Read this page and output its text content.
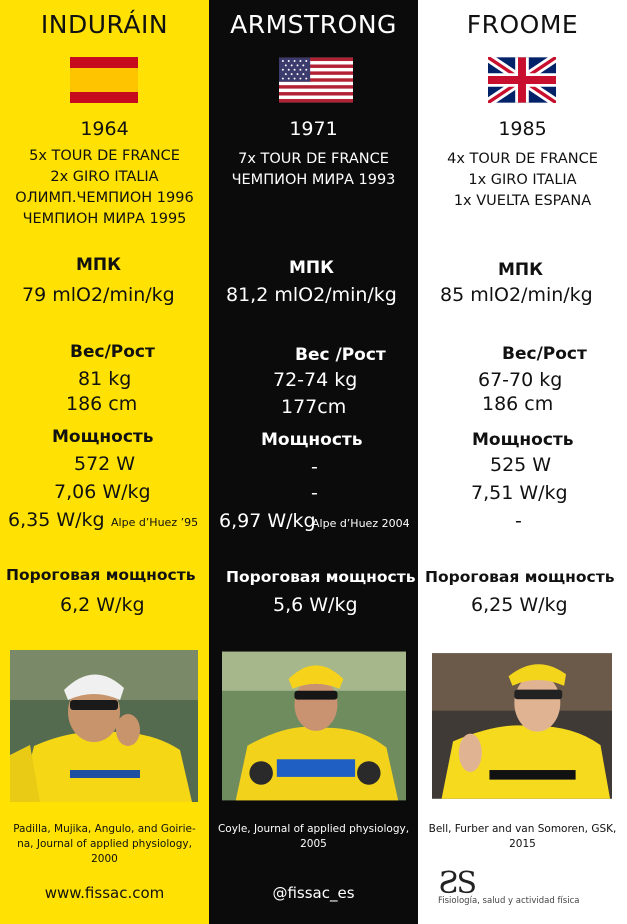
INDURÁIN
1964
5x TOUR DE FRANCE
2x GIRO ITALIA
ОЛИМП.ЧЕМПИОН 1996
ЧЕМПИОН МИРА 1995
МПК
79 mlO2/min/kg
Вес/Рост
81 kg
186 cm
Мощность
572 W
7,06 W/kg
6,35 W/kg Alpe d’Huez ’95
Пороговая мощность
6,2 W/kg
Padilla, Mujika, Angulo, and Goirie-na, Journal of applied physiology, 2000
www.fissac.com
ARMSTRONG
1971
7x TOUR DE FRANCE
ЧЕМПИОН МИРА 1993
МПК
81,2 mlO2/min/kg
Вес /Рост
72-74 kg
177cm
Мощность
-
-
6,97 W/kg
Alpe d’Huez 2004
Пороговая мощность
5,6 W/kg
Coyle, Journal of applied physiology, 2005
@fissac_es
FROOME
1985
4x TOUR DE FRANCE
1x GIRO ITALIA
1x VUELTA ESPANA
МПК
85 mlO2/min/kg
Вес/Рост
67-70 kg
186 cm
Мощность
525 W
7,51 W/kg
-
Пороговая мощность
6,25 W/kg
Bell, Furber and van Somoren, GSK, 2015
ƧS
Fisiología, salud y actividad física
